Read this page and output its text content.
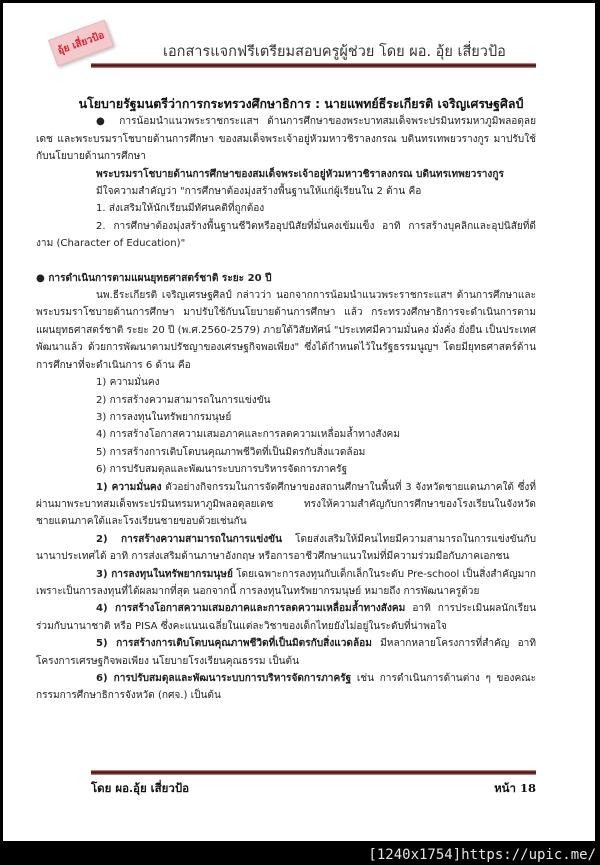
อุ้ย เสี่ยวป้อ	เอกสารแจกฟรีเตรียมสอบครูผู้ช่วย โดย ผอ. อุ้ย เสี่ยวป้อ
นโยบายรัฐมนตรีว่าการกระทรวงศึกษาธิการ : นายแพทย์ธีระเกียรติ เจริญเศรษฐศิลป์

● การน้อมนำแนวพระราชกระแสฯ ด้านการศึกษาของพระบาทสมเด็จพระปรมินทรมหาภูมิพลอดุลยเดช และพระบรมราโชบายด้านการศึกษา ของสมเด็จพระเจ้าอยู่หัวมหาวชิราลงกรณ บดินทรเทพยวรางกูร มาปรับใช้กับนโยบายด้านการศึกษา

พระบรมราโชบายด้านการศึกษาของสมเด็จพระเจ้าอยู่หัวมหาวชิราลงกรณ บดินทรเทพยวรางกูร

มีใจความสำคัญว่า "การศึกษาต้องมุ่งสร้างพื้นฐานให้แก่ผู้เรียนใน 2 ด้าน คือ

1. ส่งเสริมให้นักเรียนมีทัศนคติที่ถูกต้อง

2. การศึกษาต้องมุ่งสร้างพื้นฐานชีวิตหรืออุปนิสัยที่มั่นคงเข้มแข็ง อาทิ การสร้างบุคลิกและอุปนิสัยที่ดีงาม (Character of Education)"

● การดำเนินการตามแผนยุทธศาสตร์ชาติ ระยะ 20 ปี

นพ.ธีระเกียรติ เจริญเศรษฐศิลป์ กล่าวว่า นอกจากการน้อมนำแนวพระราชกระแสฯ ด้านการศึกษาและพระบรมราโชบายด้านการศึกษา มาปรับใช้กับนโยบายด้านการศึกษา แล้ว กระทรวงศึกษาธิการจะดำเนินการตามแผนยุทธศาสตร์ชาติ ระยะ 20 ปี (พ.ศ.2560-2579) ภายใต้วิสัยทัศน์ "ประเทศมีความมั่นคง มั่งคั่ง ยั่งยืน เป็นประเทศพัฒนาแล้ว ด้วยการพัฒนาตามปรัชญาของเศรษฐกิจพอเพียง" ซึ่งได้กำหนดไว้ในรัฐธรรมนูญฯ โดยมียุทธศาสตร์ด้านการศึกษาที่จะดำเนินการ 6 ด้าน คือ

1) ความมั่นคง

2) การสร้างความสามารถในการแข่งขัน

3) การลงทุนในทรัพยากรมนุษย์

4) การสร้างโอกาสความเสมอภาคและการลดความเหลื่อมล้ำทางสังคม

5) การสร้างการเติบโตบนคุณภาพชีวิตที่เป็นมิตรกับสิ่งแวดล้อม

6) การปรับสมดุลและพัฒนาระบบการบริหารจัดการภาครัฐ

1) ความมั่นคง ตัวอย่างกิจกรรมในการจัดศึกษาของสถานศึกษาในพื้นที่ 3 จังหวัดชายแดนภาคใต้ ซึ่งที่ผ่านมาพระบาทสมเด็จพระปรมินทรมหาภูมิพลอดุลยเดช ทรงให้ความสำคัญกับการศึกษาของโรงเรียนในจังหวัดชายแดนภาคใต้และโรงเรียนชายขอบด้วยเช่นกัน

2) การสร้างความสามารถในการแข่งขัน โดยส่งเสริมให้มีคนไทยมีความสามารถในการแข่งขันกับนานาประเทศได้ อาทิ การส่งเสริมด้านภาษาอังกฤษ หรือการอาชีวศึกษาแนวใหม่ที่มีความร่วมมือกับภาคเอกชน

3) การลงทุนในทรัพยากรมนุษย์ โดยเฉพาะการลงทุนกับเด็กเล็กในระดับ Pre-school เป็นสิ่งสำคัญมาก เพราะเป็นการลงทุนที่ได้ผลมากที่สุด นอกจากนี้ การลงทุนในทรัพยากรมนุษย์ หมายถึง การพัฒนาครูด้วย

4) การสร้างโอกาสความเสมอภาคและการลดความเหลื่อมล้ำทางสังคม อาทิ การประเมินผลนักเรียนร่วมกับนานาชาติ หรือ PISA ซึ่งคะแนนเฉลี่ยในแต่ละวิชาของเด็กไทยยังไม่อยู่ในระดับที่น่าพอใจ

5) การสร้างการเติบโตบนคุณภาพชีวิตที่เป็นมิตรกับสิ่งแวดล้อม มีหลากหลายโครงการที่สำคัญ อาทิ โครงการเศรษฐกิจพอเพียง นโยบายโรงเรียนคุณธรรม เป็นต้น

6) การปรับสมดุลและพัฒนาระบบการบริหารจัดการภาครัฐ เช่น การดำเนินการด้านต่าง ๆ ของคณะกรรมการศึกษาธิการจังหวัด (กศจ.) เป็นต้น

โดย ผอ.อุ้ย เสี่ยวป้อ	หน้า 18
[1240x1754]https://upic.me/
